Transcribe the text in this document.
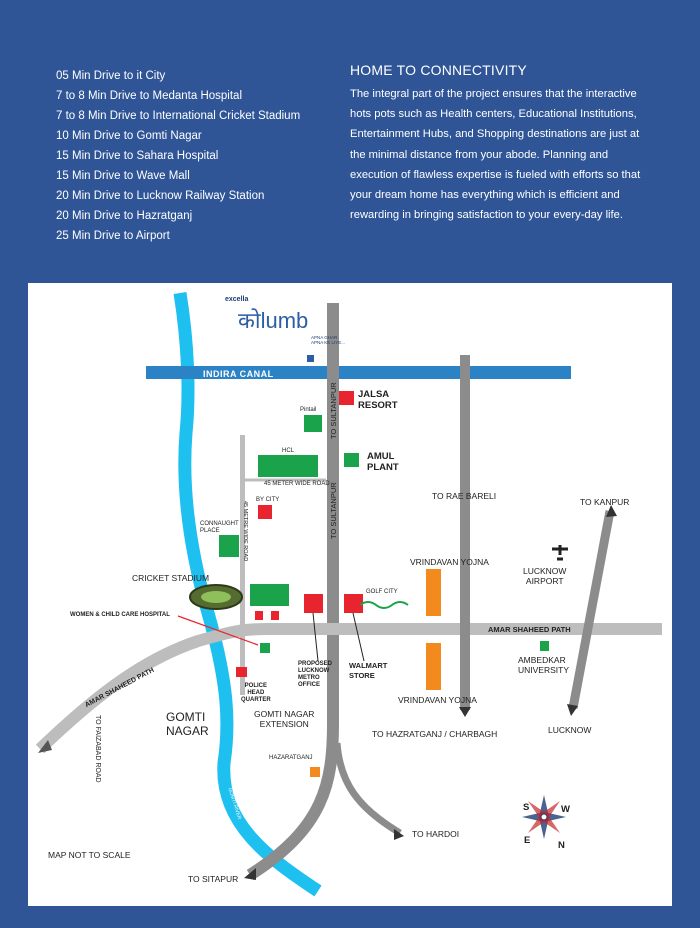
05 Min Drive to it City
7 to 8 Min Drive to Medanta Hospital
7 to 8 Min Drive to International Cricket Stadium
10 Min Drive to Gomti Nagar
15 Min Drive to Sahara Hospital
15 Min Drive to Wave Mall
20 Min Drive to Lucknow Railway Station
20 Min Drive to Hazratganj
25 Min Drive to Airport
HOME TO CONNECTIVITY
The integral part of the project ensures that the interactive hots pots such as Health centers, Educational Institutions, Entertainment Hubs, and Shopping destinations are just at the minimal distance from your abode. Planning and execution of flawless expertise is fueled with efforts so that your dream home has everything which is efficient and rewarding in bringing satisfaction to your every-day life.
excella
कोlumb
APNA GHAR
APNA KE LIYE...
INDIRA CANAL
JALSA
RESORT
Pintail
HCL
45 METER WIDE ROAD
AMUL
PLANT
TO SULTANPUR
TO SULTANPUR
45 METRE WIDE ROAD
GOMTI RIVER
GOMTI RIVER
TO RAE BARELI
TO KANPUR
BY CITY
CONNAUGHT
PLACE
VRINDAVAN YOJNA
LUCKNOW
AIRPORT
CRICKET STADIUM
GOLF CITY
WOMEN & CHILD CARE HOSPITAL
AMAR SHAHEED PATH
AMAR SHAHEED PATH
AMBEDKAR
UNIVERSITY
PROPOSED
LUCKNOW
METRO
OFFICE
WALMART
STORE
POLICE
HEAD
QUARTER	VRINDAVAN YOJNA
GOMTI
NAGAR
GOMTI NAGAR
EXTENSION
TO HAZRATGANJ / CHARBAGH	LUCKNOW
TO FAIZABAD ROAD	HAZARATGANJ
TO HARDOI
MAP NOT TO SCALE
TO SITAPUR
S	W
E	N
